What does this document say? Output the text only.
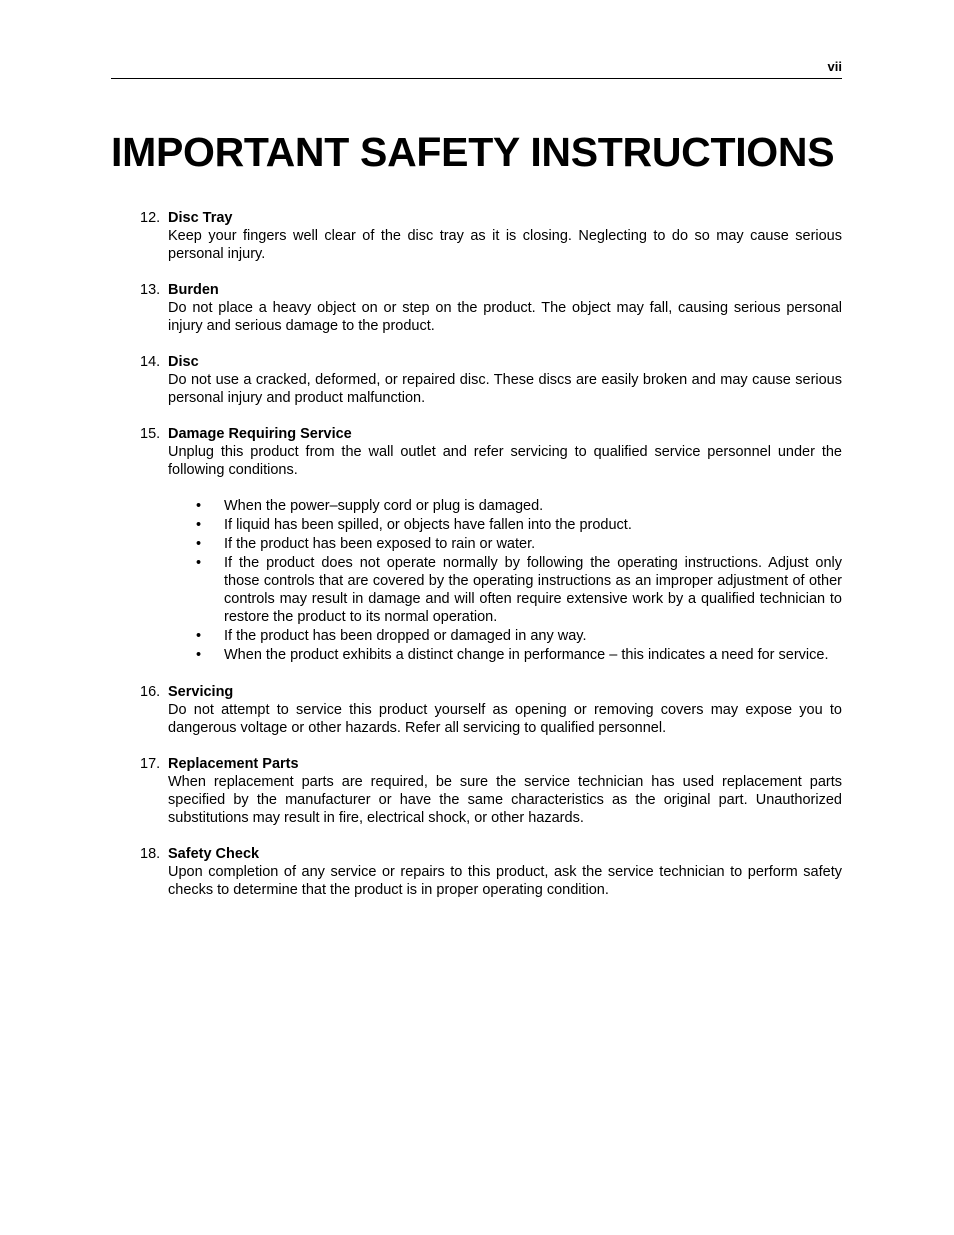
vii
IMPORTANT SAFETY INSTRUCTIONS
12. Disc Tray
Keep your fingers well clear of the disc tray as it is closing. Neglecting to do so may cause serious personal injury.
13. Burden
Do not place a heavy object on or step on the product. The object may fall, causing serious personal injury and serious damage to the product.
14. Disc
Do not use a cracked, deformed, or repaired disc. These discs are easily broken and may cause serious personal injury and product malfunction.
15. Damage Requiring Service
Unplug this product from the wall outlet and refer servicing to qualified service personnel under the following conditions.
•	When the power–supply cord or plug is damaged.
•	If liquid has been spilled, or objects have fallen into the product.
•	If the product has been exposed to rain or water.
•	If the product does not operate normally by following the operating instructions. Adjust only those controls that are covered by the operating instructions as an improper adjustment of other controls may result in damage and will often require extensive work by a qualified technician to restore the product to its normal operation.
•	If the product has been dropped or damaged in any way.
•	When the product exhibits a distinct change in performance – this indicates a need for service.
16. Servicing
Do not attempt to service this product yourself as opening or removing covers may expose you to dangerous voltage or other hazards. Refer all servicing to qualified personnel.
17. Replacement Parts
When replacement parts are required, be sure the service technician has used replacement parts specified by the manufacturer or have the same characteristics as the original part. Unauthorized substitutions may result in fire, electrical shock, or other hazards.
18. Safety Check
Upon completion of any service or repairs to this product, ask the service technician to perform safety checks to determine that the product is in proper operating condition.
